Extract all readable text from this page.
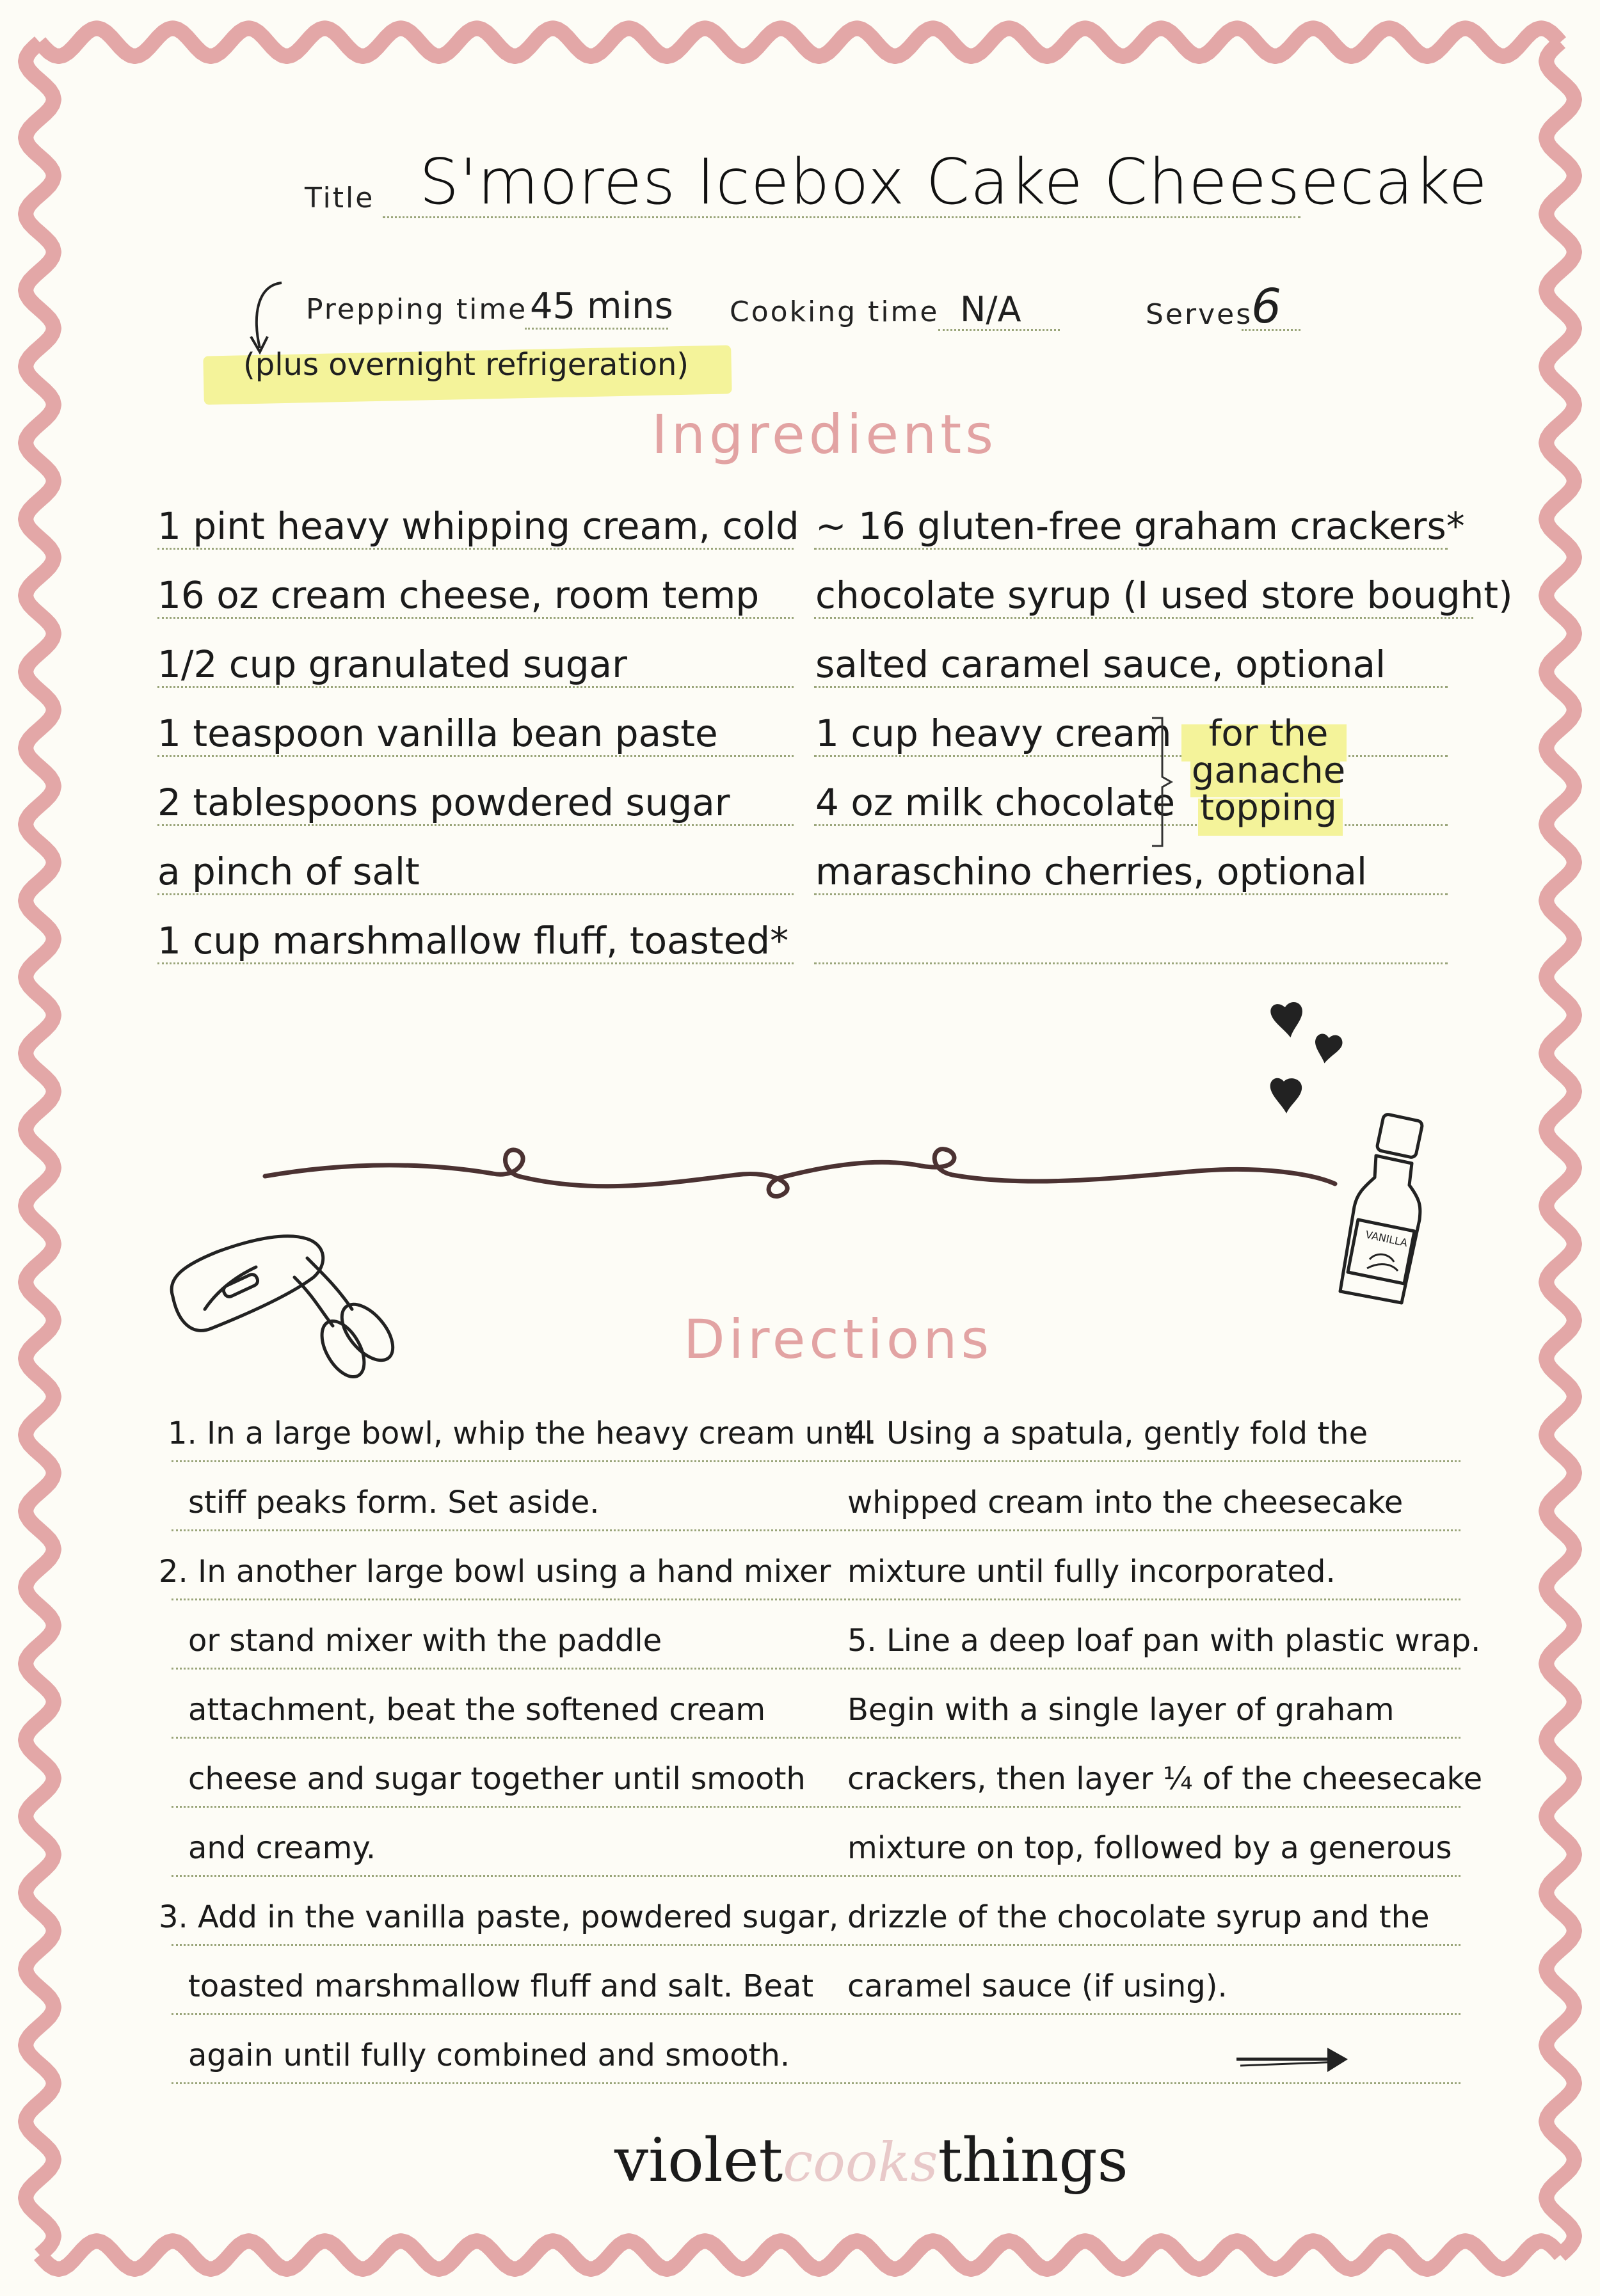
Title S'mores Icebox Cake Cheesecake
Prepping time 45 mins Cooking time N/A	Serves
6
(plus overnight refrigeration)
Ingredients
1 pint heavy whipping cream, cold
16 oz cream cheese, room temp
1/2 cup granulated sugar
1 teaspoon vanilla bean paste
2 tablespoons powdered sugar
a pinch of salt
1 cup marshmallow fluff, toasted*
~ 16 gluten-free graham crackers*
chocolate syrup (I used store bought)
salted caramel sauce, optional
1 cup heavy cream
4 oz milk chocolate
maraschino cherries, optional
for the
ganache
topping
VANILLA
Directions
1. In a large bowl, whip the heavy cream until
stiff peaks form. Set aside.
2. In another large bowl using a hand mixer
or stand mixer with the paddle
attachment, beat the softened cream
cheese and sugar together until smooth
and creamy.
3. Add in the vanilla paste, powdered sugar,
toasted marshmallow fluff and salt. Beat
again until fully combined and smooth.
4. Using a spatula, gently fold the
whipped cream into the cheesecake
mixture until fully incorporated.
5. Line a deep loaf pan with plastic wrap.
Begin with a single layer of graham
crackers, then layer ¼ of the cheesecake
mixture on top, followed by a generous
drizzle of the chocolate syrup and the
caramel sauce (if using).
violetcooksthings
